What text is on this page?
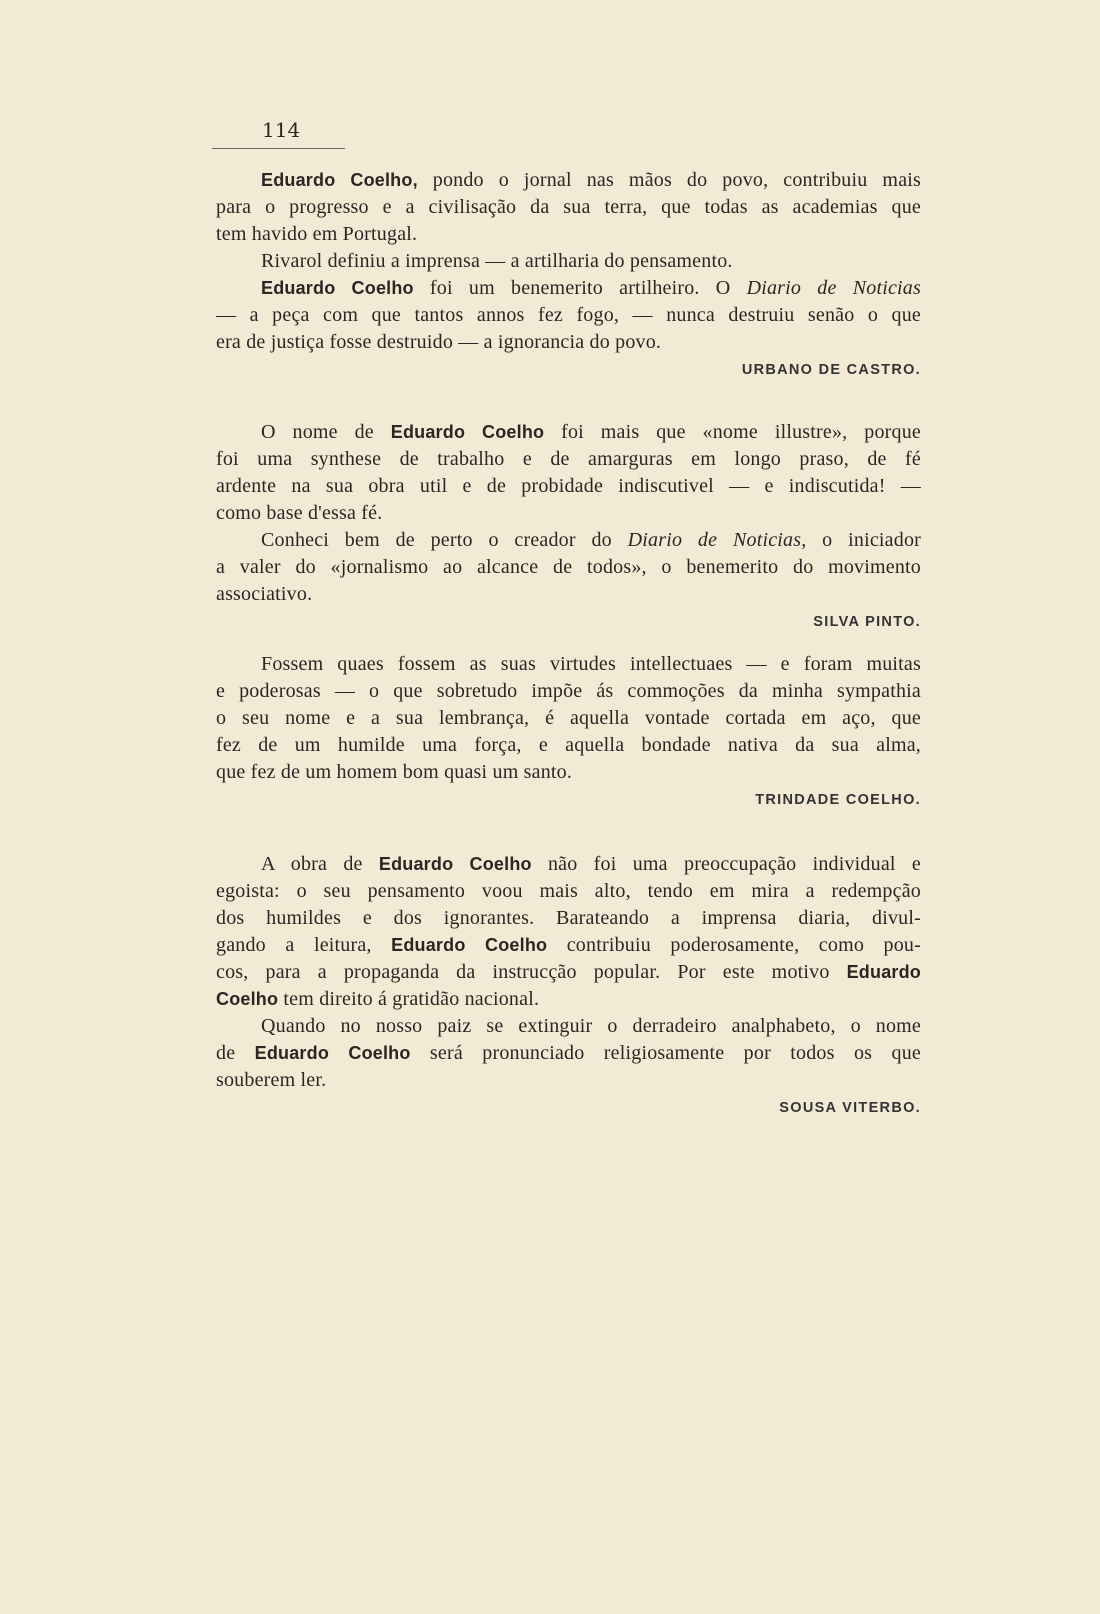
114
Eduardo Coelho, pondo o jornal nas mãos do povo, contribuiu mais
para o progresso e a civilisação da sua terra, que todas as academias que
tem havido em Portugal.
Rivarol definiu a imprensa — a artilharia do pensamento.
Eduardo Coelho foi um benemerito artilheiro. O Diario de Noticias
— a peça com que tantos annos fez fogo, — nunca destruiu senão o que
era de justiça fosse destruido — a ignorancia do povo.
URBANO DE CASTRO.
O nome de Eduardo Coelho foi mais que «nome illustre», porque
foi uma synthese de trabalho e de amarguras em longo praso, de fé
ardente na sua obra util e de probidade indiscutivel — e indiscutida! —
como base d'essa fé.
Conheci bem de perto o creador do Diario de Noticias, o iniciador
a valer do «jornalismo ao alcance de todos», o benemerito do movimento
associativo.
SILVA PINTO.
Fossem quaes fossem as suas virtudes intellectuaes — e foram muitas
e poderosas — o que sobretudo impõe ás commoções da minha sympathia
o seu nome e a sua lembrança, é aquella vontade cortada em aço, que
fez de um humilde uma força, e aquella bondade nativa da sua alma,
que fez de um homem bom quasi um santo.
TRINDADE COELHO.
A obra de Eduardo Coelho não foi uma preoccupação individual e
egoista: o seu pensamento voou mais alto, tendo em mira a redempção
dos humildes e dos ignorantes. Barateando a imprensa diaria, divul-
gando a leitura, Eduardo Coelho contribuiu poderosamente, como pou-
cos, para a propaganda da instrucção popular. Por este motivo Eduardo
Coelho tem direito á gratidão nacional.
Quando no nosso paiz se extinguir o derradeiro analphabeto, o nome
de Eduardo Coelho será pronunciado religiosamente por todos os que
souberem ler.
SOUSA VITERBO.
